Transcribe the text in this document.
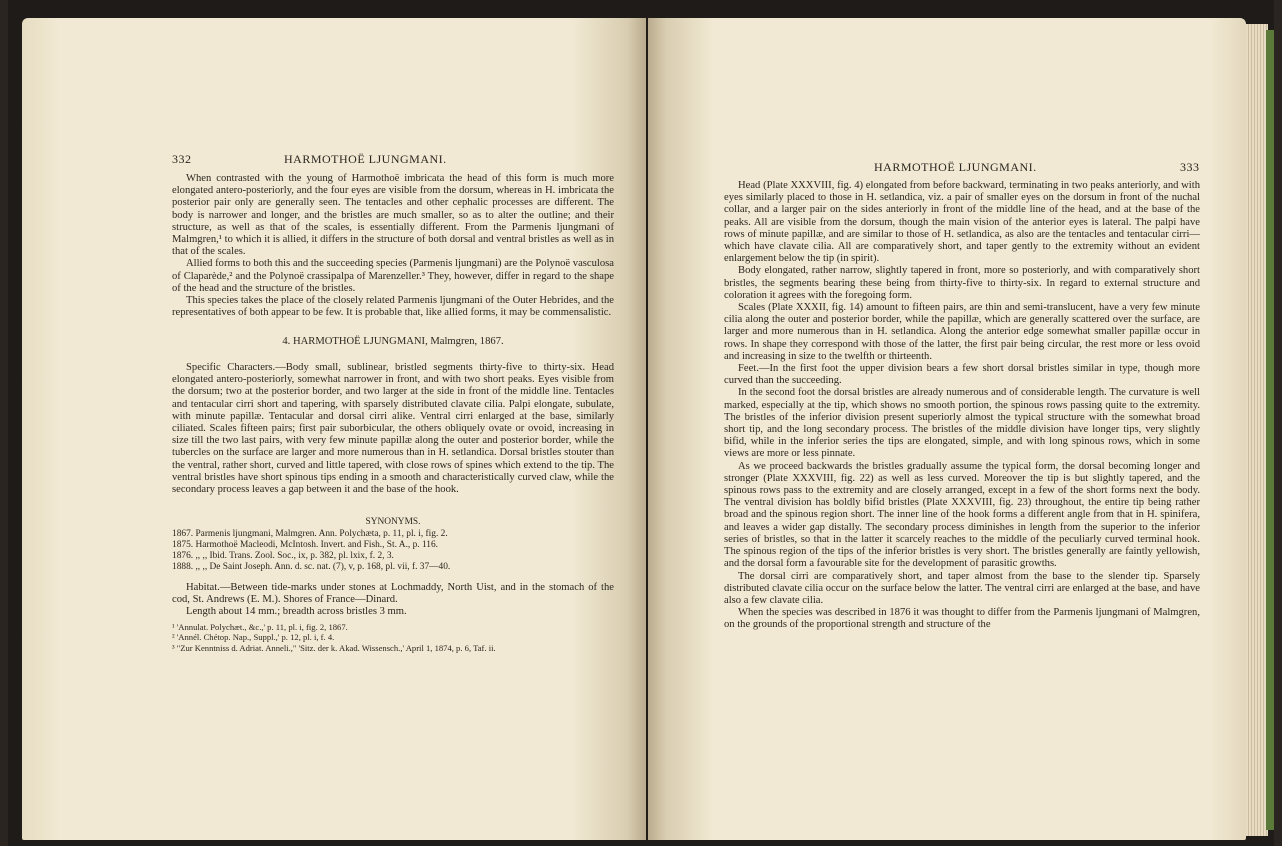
332	HARMOTHOË LJUNGMANI.

When contrasted with the young of Harmothoë imbricata the head of this form is much more elongated antero-posteriorly, and the four eyes are visible from the dorsum, whereas in H. imbricata the posterior pair only are generally seen. The tentacles and other cephalic processes are different. The body is narrower and longer, and the bristles are much smaller, so as to alter the outline; and their structure, as well as that of the scales, is essentially different. From the Parmenis ljungmani of Malmgren,¹ to which it is allied, it differs in the structure of both dorsal and ventral bristles as well as in that of the scales.

Allied forms to both this and the succeeding species (Parmenis ljungmani) are the Polynoë vasculosa of Claparède,² and the Polynoë crassipalpa of Marenzeller.³ They, however, differ in regard to the shape of the head and the structure of the bristles.

This species takes the place of the closely related Parmenis ljungmani of the Outer Hebrides, and the representatives of both appear to be few. It is probable that, like allied forms, it may be commensalistic.

4. HARMOTHOË LJUNGMANI, Malmgren, 1867.

Specific Characters.—Body small, sublinear, bristled segments thirty-five to thirty-six. Head elongated antero-posteriorly, somewhat narrower in front, and with two short peaks. Eyes visible from the dorsum; two at the posterior border, and two larger at the side in front of the middle line. Tentacles and tentacular cirri short and tapering, with sparsely distributed clavate cilia. Palpi elongate, subulate, with minute papillæ. Tentacular and dorsal cirri alike. Ventral cirri enlarged at the base, similarly ciliated. Scales fifteen pairs; first pair suborbicular, the others obliquely ovate or ovoid, increasing in size till the two last pairs, with very few minute papillæ along the outer and posterior border, while the tubercles on the surface are larger and more numerous than in H. setlandica. Dorsal bristles stouter than the ventral, rather short, curved and little tapered, with close rows of spines which extend to the tip. The ventral bristles have short spinous tips ending in a smooth and characteristically curved claw, while the secondary process leaves a gap between it and the base of the hook.

SYNONYMS.

1867. Parmenis ljungmani, Malmgren. Ann. Polychæta, p. 11, pl. i, fig. 2.
1875. Harmothoë Macleodi, McIntosh. Invert. and Fish., St. A., p. 116.
1876. ,, ,, Ibid. Trans. Zool. Soc., ix, p. 382, pl. lxix, f. 2, 3.
1888. ,, ,, De Saint Joseph. Ann. d. sc. nat. (7), v, p. 168, pl. vii, f. 37—40.

Habitat.—Between tide-marks under stones at Lochmaddy, North Uist, and in the stomach of the cod, St. Andrews (E. M.). Shores of France—Dinard.

Length about 14 mm.; breadth across bristles 3 mm.

¹ 'Annulat. Polychæt., &c.,' p. 11, pl. i, fig. 2, 1867.
² 'Annél. Chétop. Nap., Suppl.,' p. 12, pl. i, f. 4.
³ "Zur Kenntniss d. Adriat. Anneli.," 'Sitz. der k. Akad. Wissensch.,' April 1, 1874, p. 6, Taf. ii.
HARMOTHOË LJUNGMANI.	333

Head (Plate XXXVIII, fig. 4) elongated from before backward, terminating in two peaks anteriorly, and with eyes similarly placed to those in H. setlandica, viz. a pair of smaller eyes on the dorsum in front of the nuchal collar, and a larger pair on the sides anteriorly in front of the middle line of the head, and at the base of the peaks. All are visible from the dorsum, though the main vision of the anterior eyes is lateral. The palpi have rows of minute papillæ, and are similar to those of H. setlandica, as also are the tentacles and tentacular cirri—which have clavate cilia. All are comparatively short, and taper gently to the extremity without an evident enlargement below the tip (in spirit).

Body elongated, rather narrow, slightly tapered in front, more so posteriorly, and with comparatively short bristles, the segments bearing these being from thirty-five to thirty-six. In regard to external structure and coloration it agrees with the foregoing form.

Scales (Plate XXXII, fig. 14) amount to fifteen pairs, are thin and semi-translucent, have a very few minute cilia along the outer and posterior border, while the papillæ, which are generally scattered over the surface, are larger and more numerous than in H. setlandica. Along the anterior edge somewhat smaller papillæ occur in rows. In shape they correspond with those of the latter, the first pair being circular, the rest more or less ovoid and increasing in size to the twelfth or thirteenth.

Feet.—In the first foot the upper division bears a few short dorsal bristles similar in type, though more curved than the succeeding.

In the second foot the dorsal bristles are already numerous and of considerable length. The curvature is well marked, especially at the tip, which shows no smooth portion, the spinous rows passing quite to the extremity. The bristles of the inferior division present superiorly almost the typical structure with the somewhat broad short tip, and the long secondary process. The bristles of the middle division have longer tips, very slightly bifid, while in the inferior series the tips are elongated, simple, and with long spinous rows, which in some views are more or less pinnate.

As we proceed backwards the bristles gradually assume the typical form, the dorsal becoming longer and stronger (Plate XXXVIII, fig. 22) as well as less curved. Moreover the tip is but slightly tapered, and the spinous rows pass to the extremity and are closely arranged, except in a few of the short forms next the body. The ventral division has boldly bifid bristles (Plate XXXVIII, fig. 23) throughout, the entire tip being rather broad and the spinous region short. The inner line of the hook forms a different angle from that in H. spinifera, and leaves a wider gap distally. The secondary process diminishes in length from the superior to the inferior series of bristles, so that in the latter it scarcely reaches to the middle of the peculiarly curved terminal hook. The spinous region of the tips of the inferior bristles is very short. The bristles generally are faintly yellowish, and the dorsal form a favourable site for the development of parasitic growths.

The dorsal cirri are comparatively short, and taper almost from the base to the slender tip. Sparsely distributed clavate cilia occur on the surface below the latter. The ventral cirri are enlarged at the base, and have also a few clavate cilia.

When the species was described in 1876 it was thought to differ from the Parmenis ljungmani of Malmgren, on the grounds of the proportional strength and structure of the
